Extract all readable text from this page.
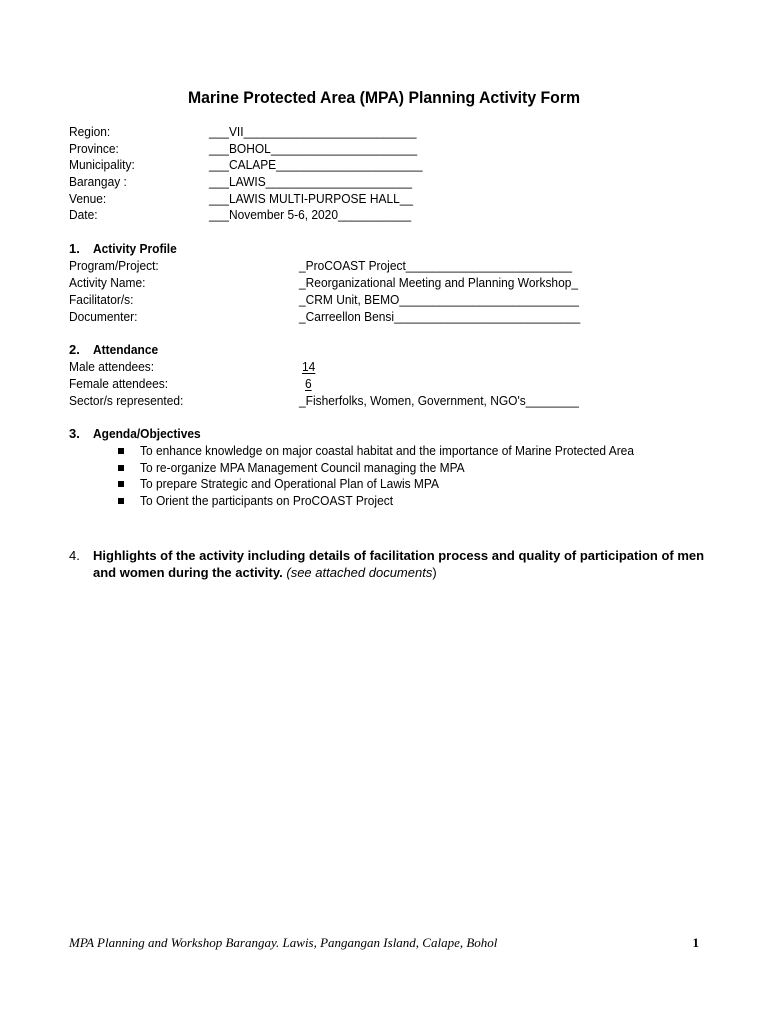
Marine Protected Area (MPA) Planning Activity Form
Region:	___VII__________________________
Province:	___BOHOL______________________
Municipality:	___CALAPE______________________
Barangay :	___LAWIS______________________
Venue:	___LAWIS MULTI-PURPOSE HALL__
Date:	___November 5-6, 2020___________
1. Activity Profile
Program/Project:	_ProCOAST Project_________________________
Activity Name:	_Reorganizational Meeting and Planning Workshop_
Facilitator/s:	_CRM Unit, BEMO___________________________
Documenter:	_Carreellon Bensi____________________________
2. Attendance
Male attendees:	14
Female attendees:	6
Sector/s represented:	_Fisherfolks, Women, Government, NGO's________
3. Agenda/Objectives
To enhance knowledge on major coastal habitat and the importance of Marine Protected Area
To re-organize MPA Management Council managing the MPA
To prepare Strategic and Operational Plan of Lawis MPA
To Orient the participants on ProCOAST Project
4. Highlights of the activity including details of facilitation process and quality of participation of men and women during the activity. (see attached documents)
MPA Planning and Workshop Barangay. Lawis, Pangangan Island, Calape, Bohol	1
